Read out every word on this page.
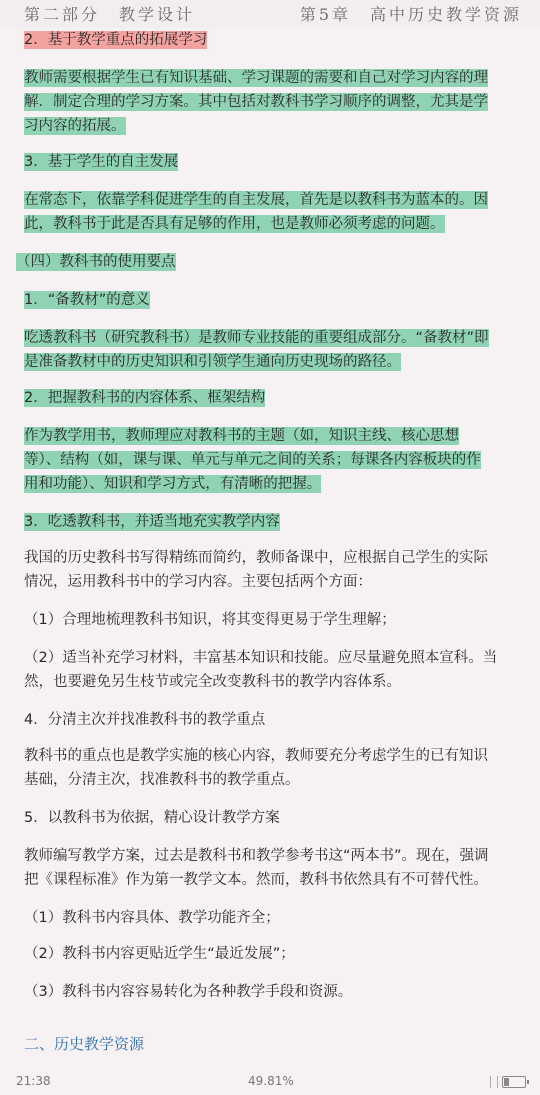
第二部分　教学设计	第5章　高中历史教学资源
2．基于教学重点的拓展学习
教师需要根据学生已有知识基础、学习课题的需要和自己对学习内容的理
解．制定合理的学习方案。其中包括对教科书学习顺序的调整，尤其是学
习内容的拓展。
3．基于学生的自主发展
在常态下，依靠学科促进学生的自主发展，首先是以教科书为蓝本的。因
此，教科书于此是否具有足够的作用，也是教师必须考虑的问题。
（四）教科书的使用要点
1．“备教材”的意义
吃透教科书（研究教科书）是教师专业技能的重要组成部分。“备教材”即
是准备教材中的历史知识和引领学生通向历史现场的路径。
2．把握教科书的内容体系、框架结构
作为教学用书，教师理应对教科书的主题（如，知识主线、核心思想
等）、结构（如，课与课、单元与单元之间的关系；每课各内容板块的作
用和功能）、知识和学习方式，有清晰的把握。
3．吃透教科书，并适当地充实教学内容
我国的历史教科书写得精练而简约，教师备课中，应根据自己学生的实际
情况，运用教科书中的学习内容。主要包括两个方面：
（1）合理地梳理教科书知识，将其变得更易于学生理解；
（2）适当补充学习材料，丰富基本知识和技能。应尽量避免照本宣科。当
然，也要避免另生枝节或完全改变教科书的教学内容体系。
4．分清主次并找准教科书的教学重点
教科书的重点也是教学实施的核心内容，教师要充分考虑学生的已有知识
基础，分清主次，找准教科书的教学重点。
5．以教科书为依据，精心设计教学方案
教师编写教学方案，过去是教科书和教学参考书这“两本书”。现在，强调
把《课程标准》作为第一教学文本。然而，教科书依然具有不可替代性。
（1）教科书内容具体、教学功能齐全；
（2）教科书内容更贴近学生“最近发展”；
（3）教科书内容容易转化为各种教学手段和资源。
二、历史教学资源
21:38	49.81%
